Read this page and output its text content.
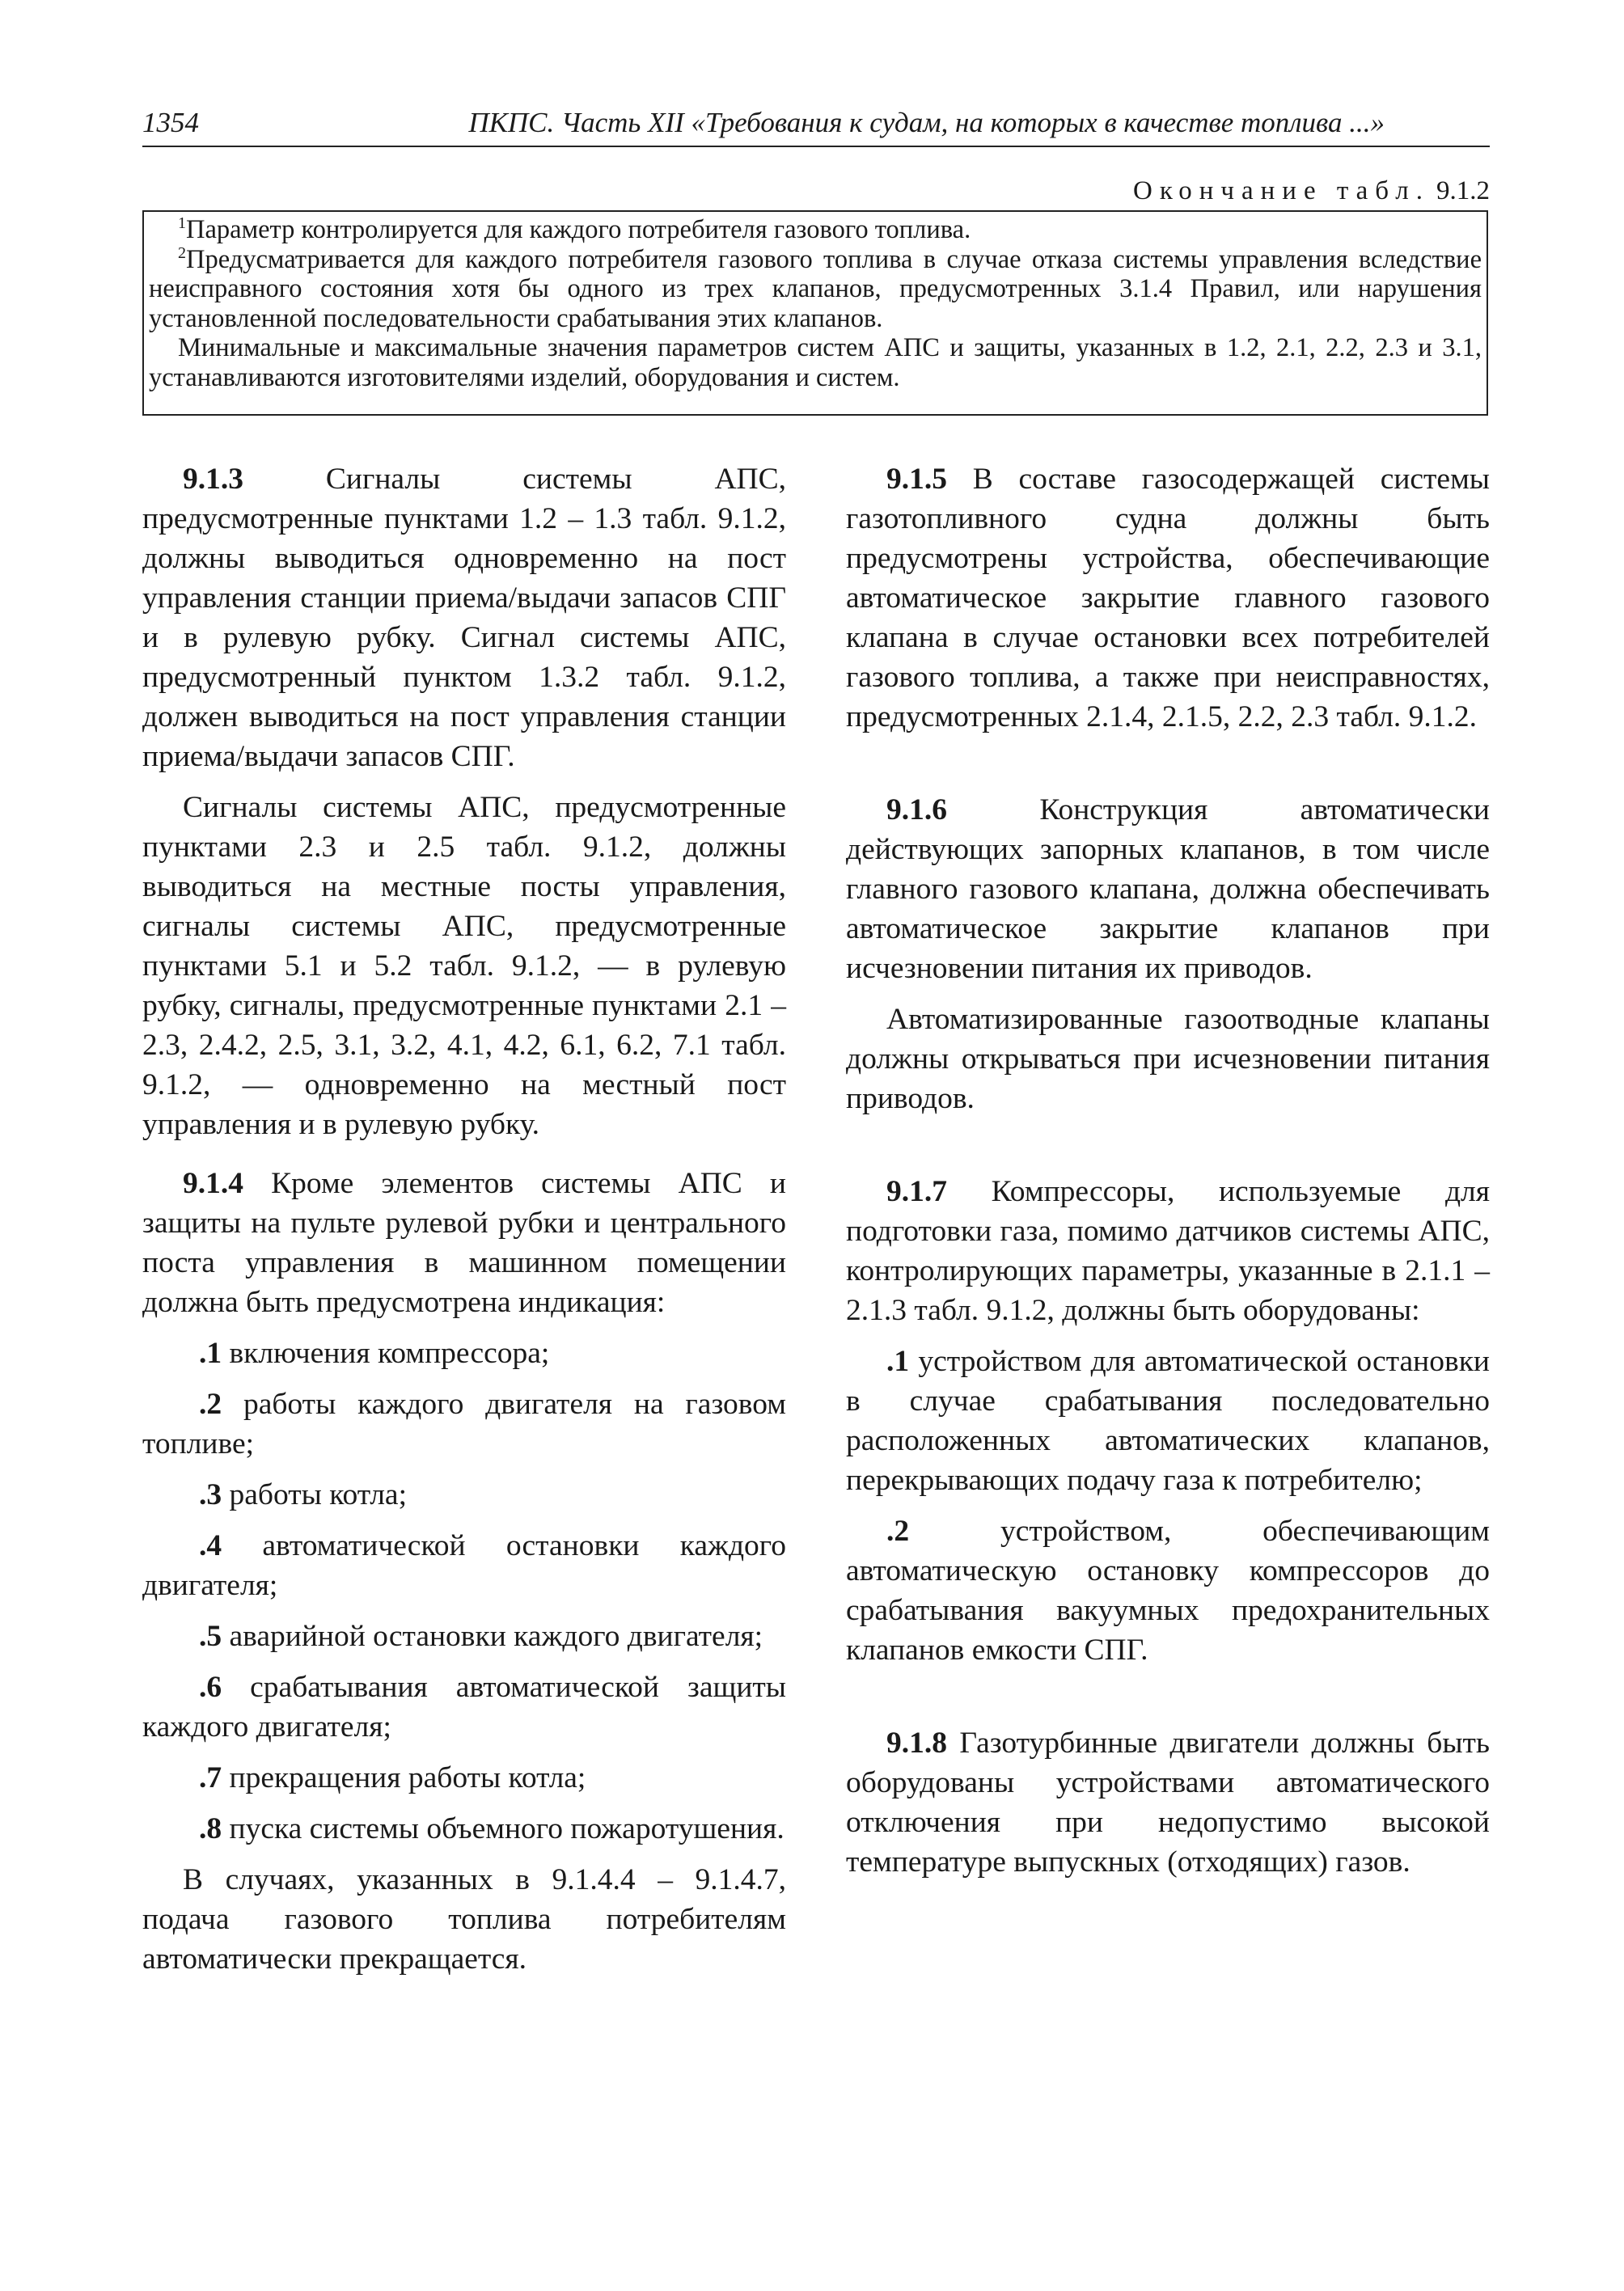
1354	ПКПС. Часть XII «Требования к судам, на которых в качестве топлива ...»
Окончание табл. 9.1.2

$^1$Параметр контролируется для каждого потребителя газового топлива.

$^2$Предусматривается для каждого потребителя газового топлива в случае отказа системы управления вследствие неисправного состояния хотя бы одного из трех клапанов, предусмотренных 3.1.4 Правил, или нарушения установленной последовательности срабатывания этих клапанов.

Минимальные и максимальные значения параметров систем АПС и защиты, указанных в 1.2, 2.1, 2.2, 2.3 и 3.1, устанавливаются изготовителями изделий, оборудования и систем.

9.1.3	Сигналы системы АПС, предусмотренные пунктами 1.2 – 1.3 табл. 9.1.2, должны выводиться одновременно на пост управления станции приема/выдачи запасов СПГ и в рулевую рубку. Сигнал системы АПС, предусмотренный пунктом 1.3.2 табл. 9.1.2, должен выводиться на пост управления станции приема/выдачи запасов СПГ.

Сигналы системы АПС, предусмотренные пунктами 2.3 и 2.5 табл. 9.1.2, должны выводиться на местные посты управления, сигналы системы АПС, предусмотренные пунктами 5.1 и 5.2 табл. 9.1.2, — в рулевую рубку, сигналы, предусмотренные пунктами 2.1 – 2.3, 2.4.2, 2.5, 3.1, 3.2, 4.1, 4.2, 6.1, 6.2, 7.1 табл. 9.1.2, — одновременно на местный пост управления и в рулевую рубку.

9.1.4 Кроме элементов системы АПС и защиты на пульте рулевой рубки и центрального поста управления в машинном помещении должна быть предусмотрена индикация:

.1 включения компрессора;

.2 работы каждого двигателя на газовом топливе;

.3 работы котла;

.4 автоматической остановки каждого двигателя;

.5 аварийной остановки каждого двигателя;

.6 срабатывания автоматической защиты каждого двигателя;

.7 прекращения работы котла;

.8 пуска системы объемного пожаротушения.

В случаях, указанных в 9.1.4.4 – 9.1.4.7, подача газового топлива потребителям автоматически прекращается.

9.1.5 В составе газосодержащей системы газотопливного судна должны быть предусмотрены устройства, обеспечивающие автоматическое закрытие главного газового клапана в случае остановки всех потребителей газового топлива, а также при неисправностях, предусмотренных 2.1.4, 2.1.5, 2.2, 2.3 табл. 9.1.2.

9.1.6	Конструкция автоматически действующих запорных клапанов, в том числе главного газового клапана, должна обеспечивать автоматическое закрытие клапанов при исчезновении питания их приводов.

Автоматизированные газоотводные клапаны должны открываться при исчезновении питания приводов.

9.1.7 Компрессоры, используемые для подготовки газа, помимо датчиков системы АПС, контролирующих параметры, указанные в 2.1.1 – 2.1.3 табл. 9.1.2, должны быть оборудованы:

.1 устройством для автоматической остановки в случае срабатывания последовательно расположенных автоматических клапанов, перекрывающих подачу газа к потребителю;

.2	устройством, обеспечивающим автоматическую остановку компрессоров до срабатывания вакуумных предохранительных клапанов емкости СПГ.

9.1.8 Газотурбинные двигатели должны быть оборудованы устройствами автоматического отключения при недопустимо высокой температуре выпускных (отходящих) газов.
